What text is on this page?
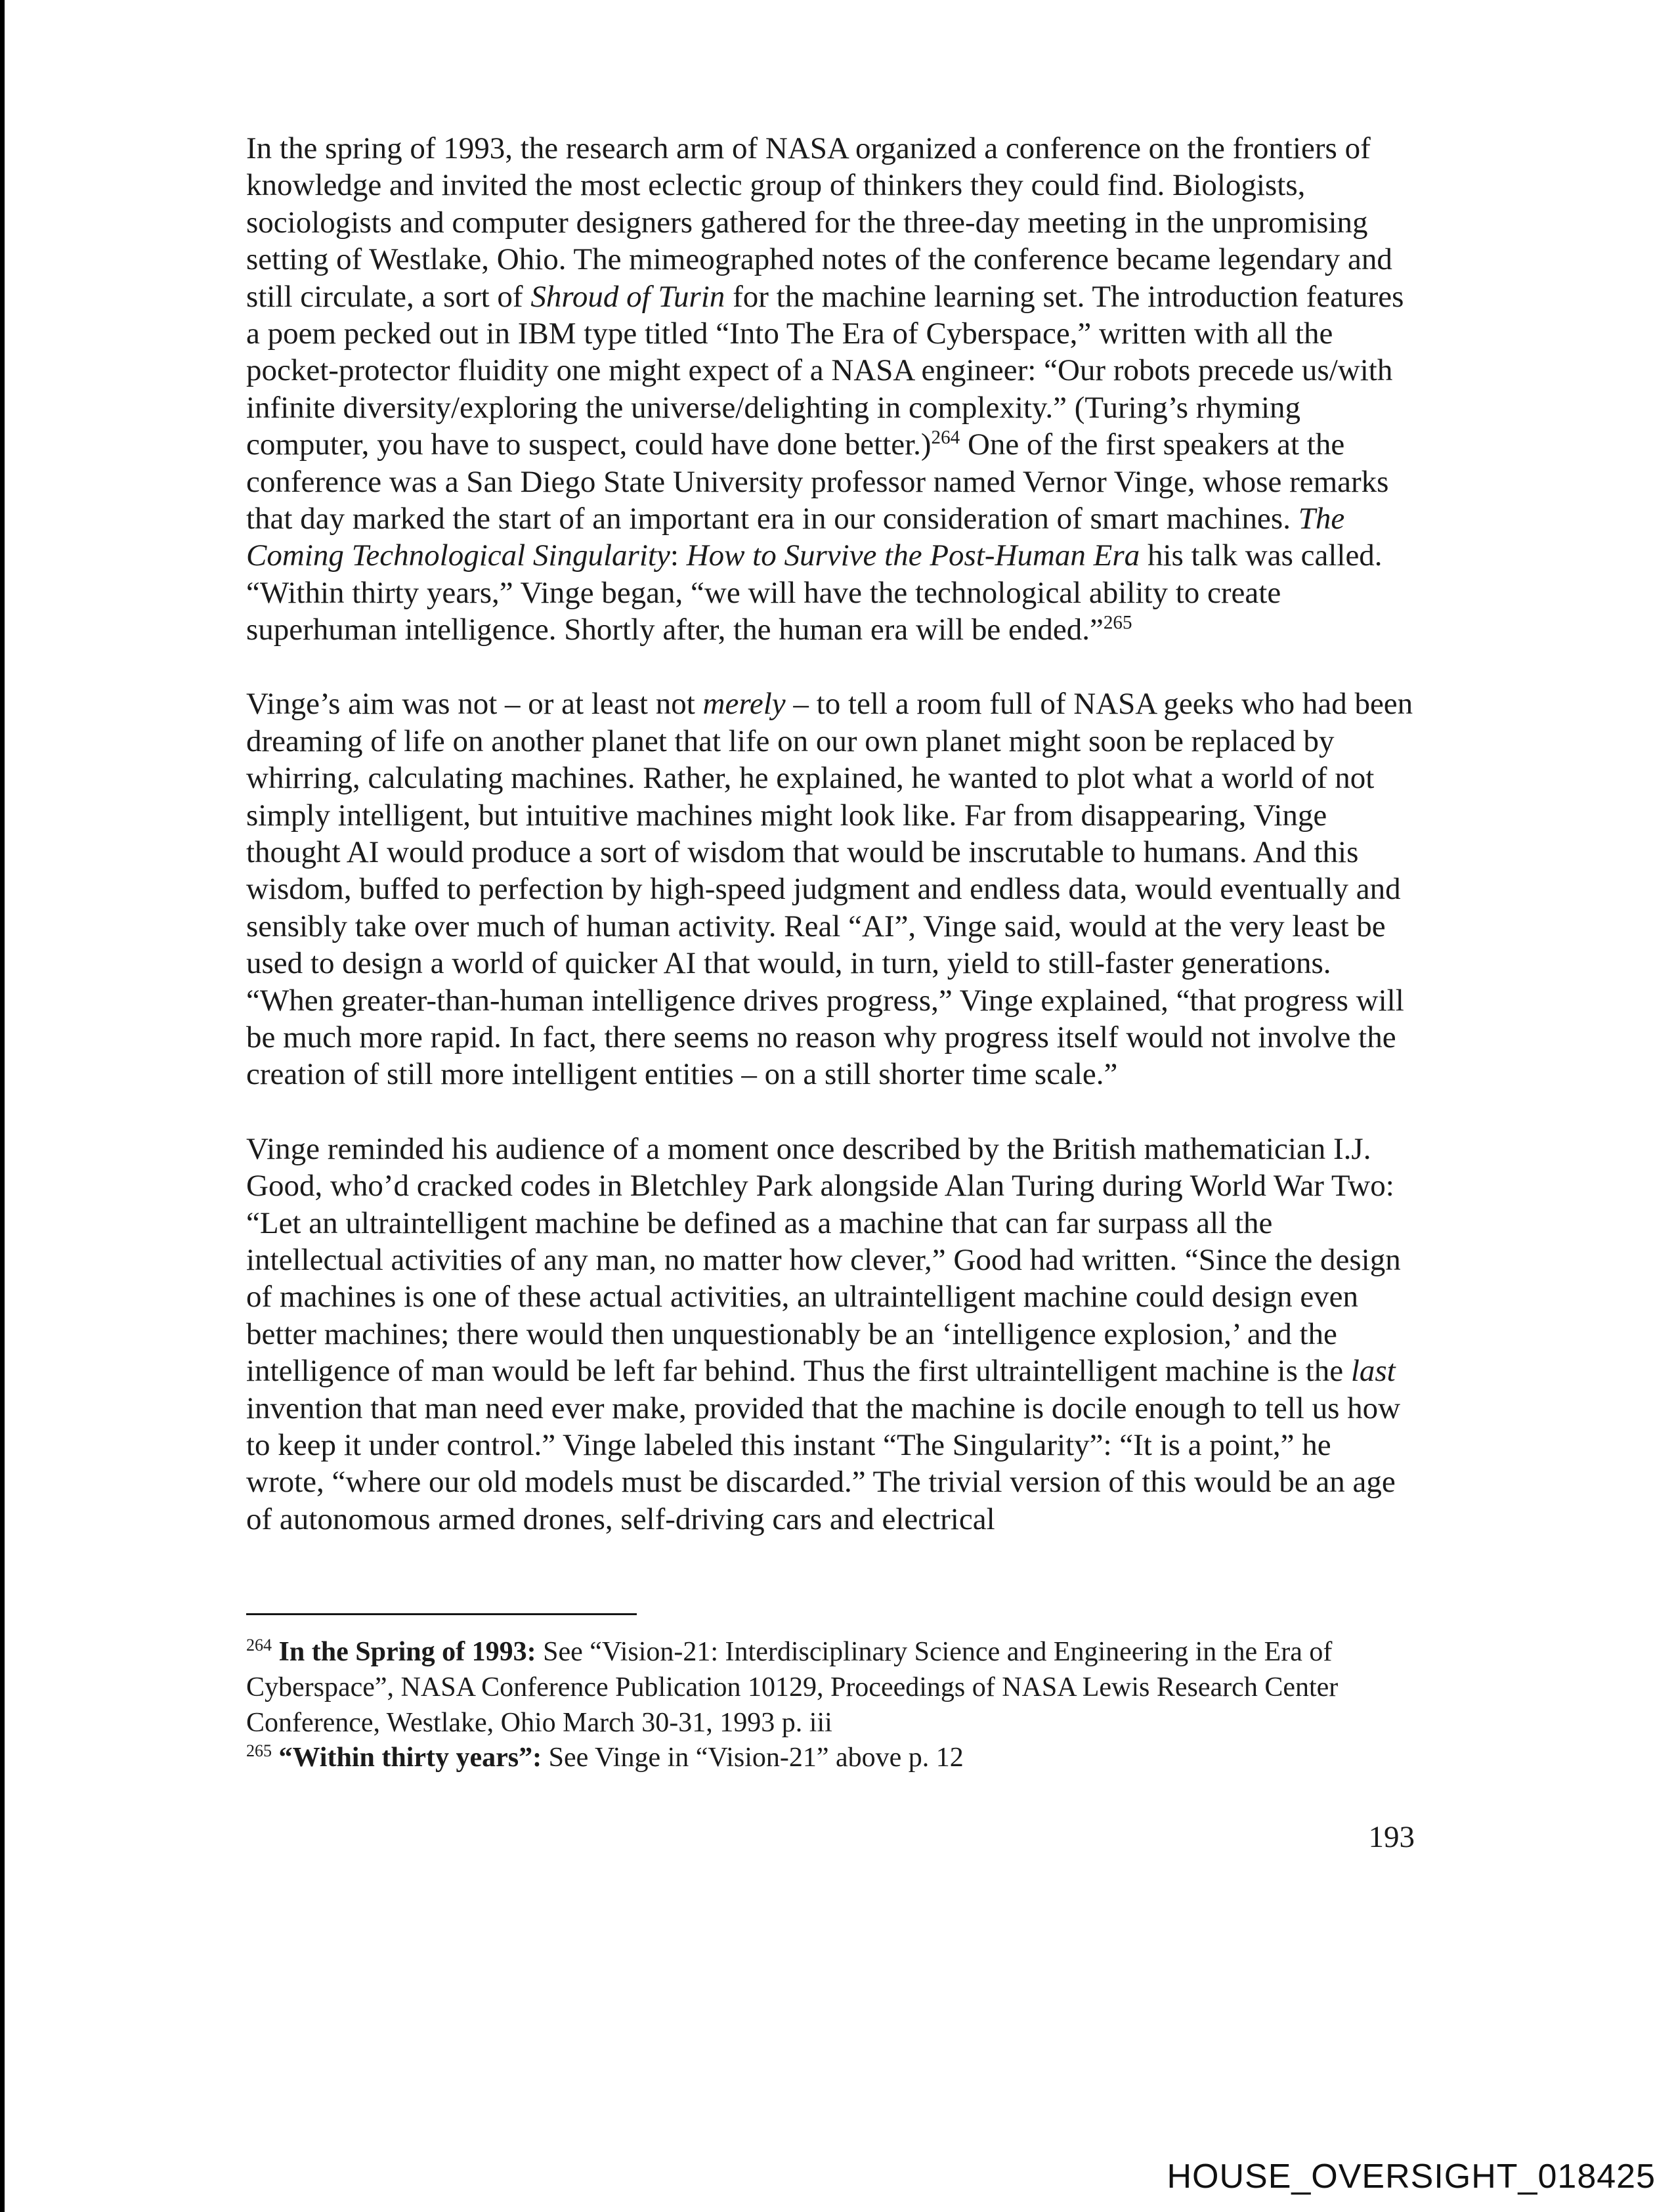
In the spring of 1993, the research arm of NASA organized a conference on the frontiers of knowledge and invited the most eclectic group of thinkers they could find. Biologists, sociologists and computer designers gathered for the three-day meeting in the unpromising setting of Westlake, Ohio. The mimeographed notes of the conference became legendary and still circulate, a sort of Shroud of Turin for the machine learning set. The introduction features a poem pecked out in IBM type titled “Into The Era of Cyberspace,” written with all the pocket-protector fluidity one might expect of a NASA engineer: “Our robots precede us/with infinite diversity/exploring the universe/delighting in complexity.” (Turing’s rhyming computer, you have to suspect, could have done better.)$^{264}$ One of the first speakers at the conference was a San Diego State University professor named Vernor Vinge, whose remarks that day marked the start of an important era in our consideration of smart machines. The Coming Technological Singularity: How to Survive the Post-Human Era his talk was called. “Within thirty years,” Vinge began, “we will have the technological ability to create superhuman intelligence. Shortly after, the human era will be ended.”$^{265}$

Vinge’s aim was not – or at least not merely – to tell a room full of NASA geeks who had been dreaming of life on another planet that life on our own planet might soon be replaced by whirring, calculating machines. Rather, he explained, he wanted to plot what a world of not simply intelligent, but intuitive machines might look like. Far from disappearing, Vinge thought AI would produce a sort of wisdom that would be inscrutable to humans. And this wisdom, buffed to perfection by high-speed judgment and endless data, would eventually and sensibly take over much of human activity. Real “AI”, Vinge said, would at the very least be used to design a world of quicker AI that would, in turn, yield to still-faster generations. “When greater-than-human intelligence drives progress,” Vinge explained, “that progress will be much more rapid. In fact, there seems no reason why progress itself would not involve the creation of still more intelligent entities – on a still shorter time scale.”

Vinge reminded his audience of a moment once described by the British mathematician I.J. Good, who’d cracked codes in Bletchley Park alongside Alan Turing during World War Two: “Let an ultraintelligent machine be defined as a machine that can far surpass all the intellectual activities of any man, no matter how clever,” Good had written. “Since the design of machines is one of these actual activities, an ultraintelligent machine could design even better machines; there would then unquestionably be an ‘intelligence explosion,’ and the intelligence of man would be left far behind. Thus the first ultraintelligent machine is the last invention that man need ever make, provided that the machine is docile enough to tell us how to keep it under control.” Vinge labeled this instant “The Singularity”: “It is a point,” he wrote, “where our old models must be discarded.” The trivial version of this would be an age of autonomous armed drones, self-driving cars and electrical

$^{264}$ In the Spring of 1993: See “Vision-21: Interdisciplinary Science and Engineering in the Era of Cyberspace”, NASA Conference Publication 10129, Proceedings of NASA Lewis Research Center Conference, Westlake, Ohio March 30-31, 1993 p. iii

$^{265}$ “Within thirty years”: See Vinge in “Vision-21” above p. 12

193
HOUSE_OVERSIGHT_018425
